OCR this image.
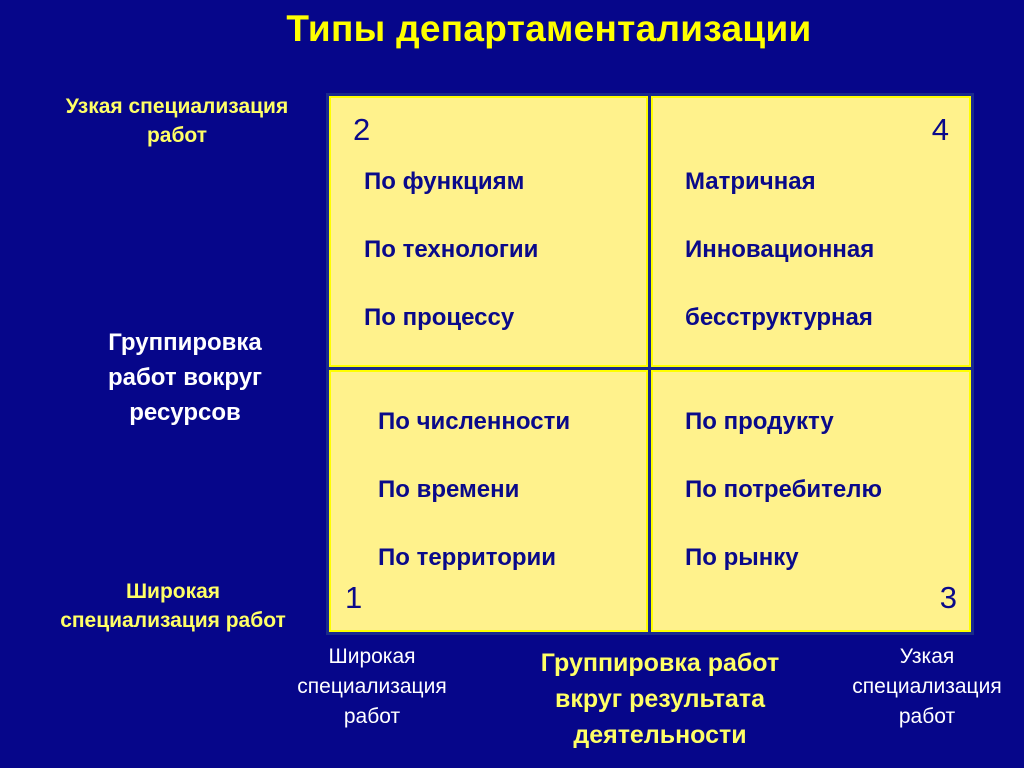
Типы департаментализации
Узкая специализация
работ
Группировка
работ вокруг
ресурсов
Широкая
специализация работ
2
По функциям
По технологии
По процессу
4
Матричная
Инновационная
бесструктурная
По численности
По времени
По территории
1
По продукту
По потребителю
По рынку
3
Широкая
специализация
работ
Группировка работ
вкруг результата
деятельности
Узкая
специализация
работ
